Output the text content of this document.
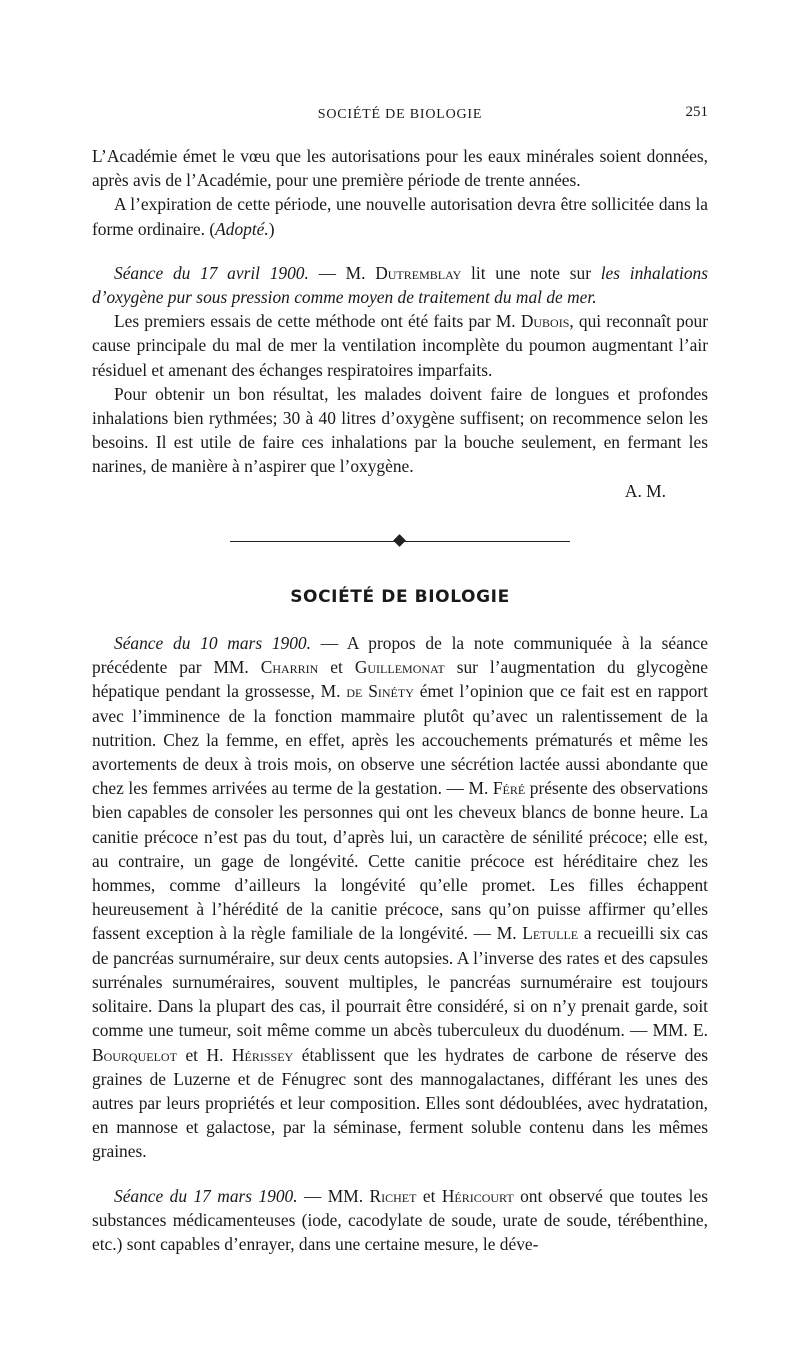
SOCIÉTÉ DE BIOLOGIE	251

L’Académie émet le vœu que les autorisations pour les eaux minérales soient données, après avis de l’Académie, pour une première période de trente années.

A l’expiration de cette période, une nouvelle autorisation devra être sollicitée dans la forme ordinaire. (Adopté.)

Séance du 17 avril 1900. — M. Dutremblay lit une note sur les inhalations d’oxygène pur sous pression comme moyen de traitement du mal de mer.

Les premiers essais de cette méthode ont été faits par M. Dubois, qui reconnaît pour cause principale du mal de mer la ventilation incomplète du poumon augmentant l’air résiduel et amenant des échanges respiratoires imparfaits.

Pour obtenir un bon résultat, les malades doivent faire de longues et profondes inhalations bien rythmées; 30 à 40 litres d’oxygène suffisent; on recommence selon les besoins. Il est utile de faire ces inhalations par la bouche seulement, en fermant les narines, de manière à n’aspirer que l’oxygène.

A. M.
SOCIÉTÉ DE BIOLOGIE

Séance du 10 mars 1900. — A propos de la note communiquée à la séance précédente par MM. Charrin et Guillemonat sur l’augmentation du glycogène hépatique pendant la grossesse, M. de Sinéty émet l’opinion que ce fait est en rapport avec l’imminence de la fonction mammaire plutôt qu’avec un ralentissement de la nutrition. Chez la femme, en effet, après les accouchements prématurés et même les avortements de deux à trois mois, on observe une sécrétion lactée aussi abondante que chez les femmes arrivées au terme de la gestation. — M. Féré présente des observations bien capables de consoler les personnes qui ont les cheveux blancs de bonne heure. La canitie précoce n’est pas du tout, d’après lui, un caractère de sénilité précoce; elle est, au contraire, un gage de longévité. Cette canitie précoce est héréditaire chez les hommes, comme d’ailleurs la longévité qu’elle promet. Les filles échappent heureusement à l’hérédité de la canitie précoce, sans qu’on puisse affirmer qu’elles fassent exception à la règle familiale de la longévité. — M. Letulle a recueilli six cas de pancréas surnuméraire, sur deux cents autopsies. A l’inverse des rates et des capsules surrénales surnuméraires, souvent multiples, le pancréas surnuméraire est toujours solitaire. Dans la plupart des cas, il pourrait être considéré, si on n’y prenait garde, soit comme une tumeur, soit même comme un abcès tuberculeux du duodénum. — MM. E. Bourquelot et H. Hérissey établissent que les hydrates de carbone de réserve des graines de Luzerne et de Fénugrec sont des mannogalactanes, différant les unes des autres par leurs propriétés et leur composition. Elles sont dédoublées, avec hydratation, en mannose et galactose, par la séminase, ferment soluble contenu dans les mêmes graines.

Séance du 17 mars 1900. — MM. Richet et Héricourt ont observé que toutes les substances médicamenteuses (iode, cacodylate de soude, urate de soude, térébenthine, etc.) sont capables d’enrayer, dans une certaine mesure, le déve-
